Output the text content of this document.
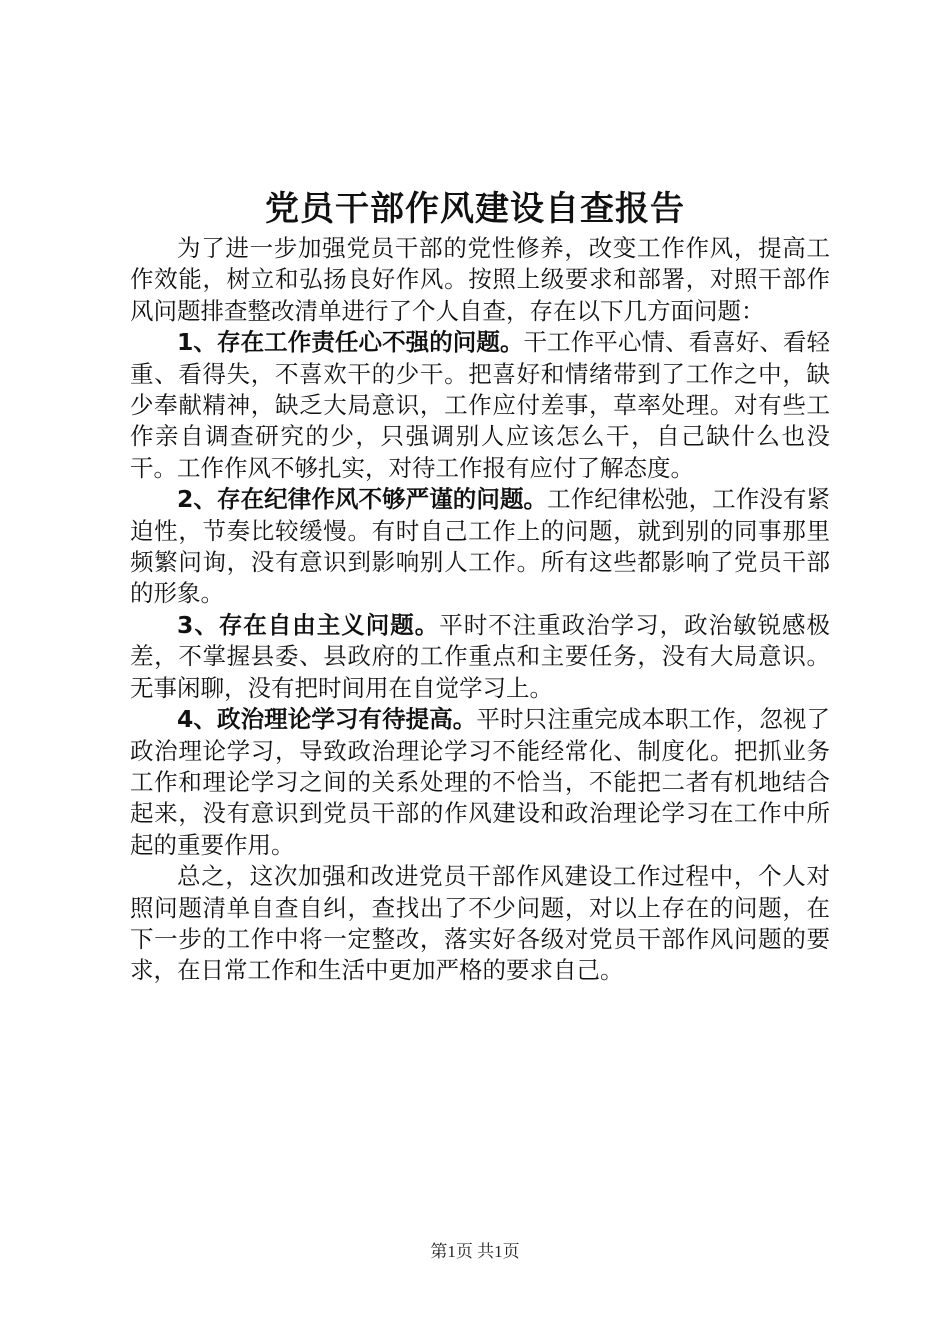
党员干部作风建设自查报告

为了进一步加强党员干部的党性修养，改变工作作风，提高工作效能，树立和弘扬良好作风。按照上级要求和部署，对照干部作风问题排查整改清单进行了个人自查，存在以下几方面问题：

1、存在工作责任心不强的问题。干工作平心情、看喜好、看轻重、看得失，不喜欢干的少干。把喜好和情绪带到了工作之中，缺少奉献精神，缺乏大局意识，工作应付差事，草率处理。对有些工作亲自调查研究的少，只强调别人应该怎么干，自己缺什么也没干。工作作风不够扎实，对待工作报有应付了解态度。

2、存在纪律作风不够严谨的问题。工作纪律松弛，工作没有紧迫性，节奏比较缓慢。有时自己工作上的问题，就到别的同事那里频繁问询，没有意识到影响别人工作。所有这些都影响了党员干部的形象。

3、存在自由主义问题。平时不注重政治学习，政治敏锐感极差，不掌握县委、县政府的工作重点和主要任务，没有大局意识。无事闲聊，没有把时间用在自觉学习上。

4、政治理论学习有待提高。平时只注重完成本职工作，忽视了政治理论学习，导致政治理论学习不能经常化、制度化。把抓业务工作和理论学习之间的关系处理的不恰当，不能把二者有机地结合起来，没有意识到党员干部的作风建设和政治理论学习在工作中所起的重要作用。

总之，这次加强和改进党员干部作风建设工作过程中，个人对照问题清单自查自纠，查找出了不少问题，对以上存在的问题，在下一步的工作中将一定整改，落实好各级对党员干部作风问题的要求，在日常工作和生活中更加严格的要求自己。

第1页 共1页
